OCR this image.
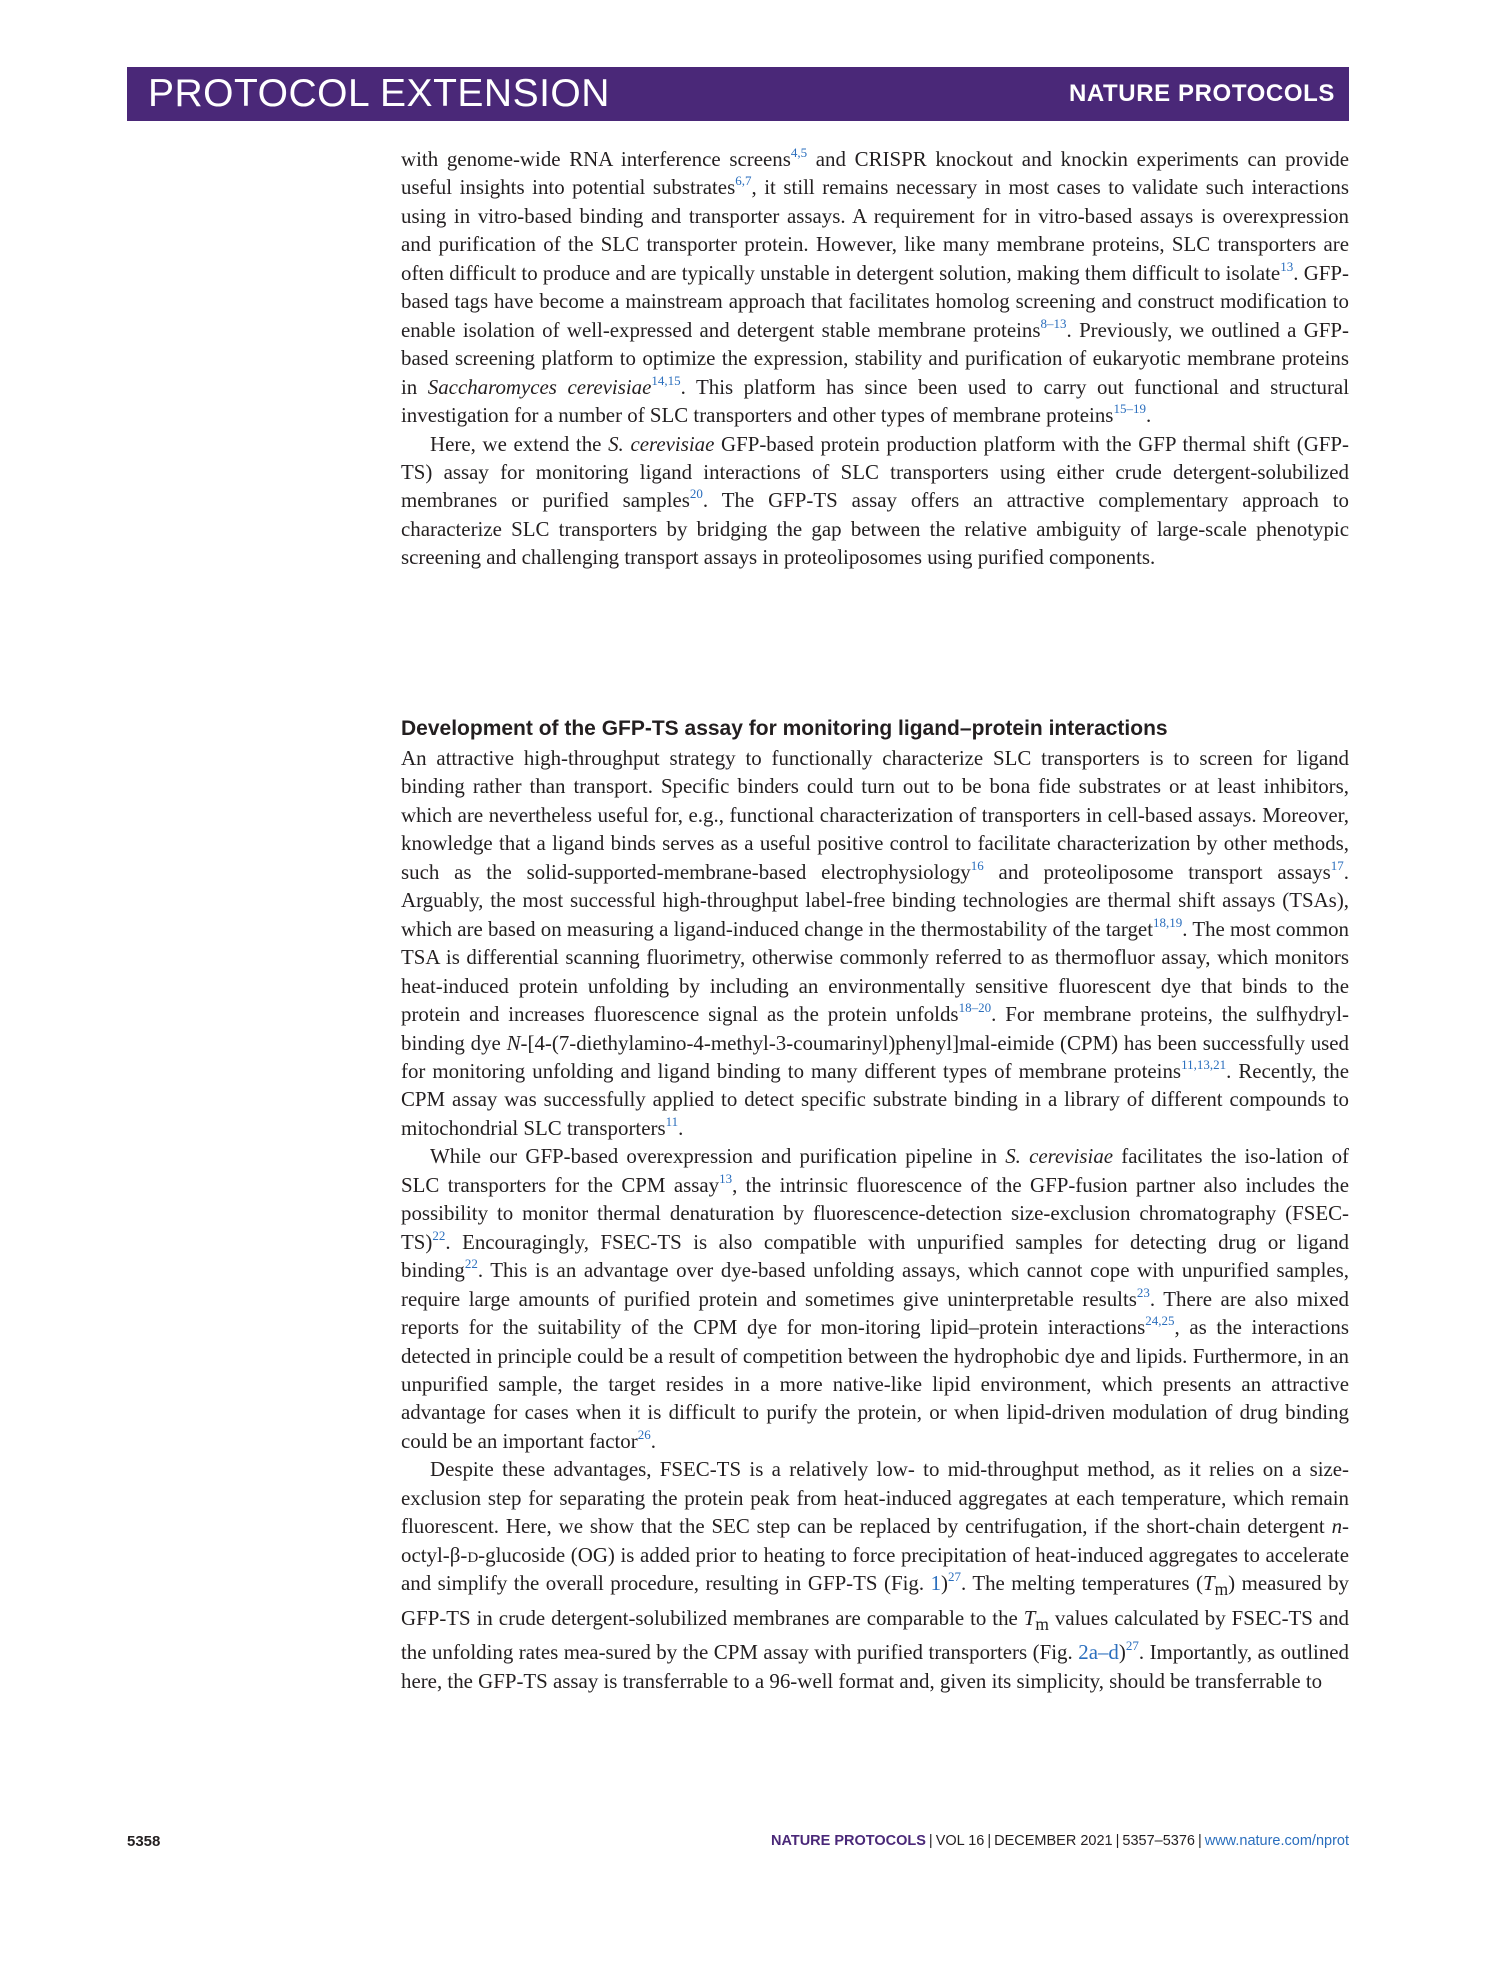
PROTOCOL EXTENSION	NATURE PROTOCOLS

with genome-wide RNA interference screens$^{4,5}$ and CRISPR knockout and knockin experiments can provide useful insights into potential substrates$^{6,7}$, it still remains necessary in most cases to validate such interactions using in vitro-based binding and transporter assays. A requirement for in vitro-based assays is overexpression and purification of the SLC transporter protein. However, like many membrane proteins, SLC transporters are often difficult to produce and are typically unstable in detergent solution, making them difficult to isolate$^{13}$. GFP-based tags have become a mainstream approach that facilitates homolog screening and construct modification to enable isolation of well-expressed and detergent stable membrane proteins$^{8-13}$. Previously, we outlined a GFP-based screening platform to optimize the expression, stability and purification of eukaryotic membrane proteins in Saccharomyces cerevisiae$^{14,15}$. This platform has since been used to carry out functional and structural investigation for a number of SLC transporters and other types of membrane proteins$^{15-19}$.

Here, we extend the S. cerevisiae GFP-based protein production platform with the GFP thermal shift (GFP-TS) assay for monitoring ligand interactions of SLC transporters using either crude detergent-solubilized membranes or purified samples$^{20}$. The GFP-TS assay offers an attractive complementary approach to characterize SLC transporters by bridging the gap between the relative ambiguity of large-scale phenotypic screening and challenging transport assays in proteoliposomes using purified components.

Development of the GFP-TS assay for monitoring ligand–protein interactions

An attractive high-throughput strategy to functionally characterize SLC transporters is to screen for ligand binding rather than transport. Specific binders could turn out to be bona fide substrates or at least inhibitors, which are nevertheless useful for, e.g., functional characterization of transporters in cell-based assays. Moreover, knowledge that a ligand binds serves as a useful positive control to facilitate characterization by other methods, such as the solid-supported-membrane-based electrophysiology$^{16}$ and proteoliposome transport assays$^{17}$. Arguably, the most successful high-throughput label-free binding technologies are thermal shift assays (TSAs), which are based on measuring a ligand-induced change in the thermostability of the target$^{18,19}$. The most common TSA is differential scanning fluorimetry, otherwise commonly referred to as thermofluor assay, which monitors heat-induced protein unfolding by including an environmentally sensitive fluorescent dye that binds to the protein and increases fluorescence signal as the protein unfolds$^{18-20}$. For membrane proteins, the sulfhydryl-binding dye N-[4-(7-diethylamino-4-methyl-3-coumarinyl)phenyl]mal-eimide (CPM) has been successfully used for monitoring unfolding and ligand binding to many different types of membrane proteins$^{11,13,21}$. Recently, the CPM assay was successfully applied to detect specific substrate binding in a library of different compounds to mitochondrial SLC transporters$^{11}$.

While our GFP-based overexpression and purification pipeline in S. cerevisiae facilitates the iso-lation of SLC transporters for the CPM assay$^{13}$, the intrinsic fluorescence of the GFP-fusion partner also includes the possibility to monitor thermal denaturation by fluorescence-detection size-exclusion chromatography (FSEC-TS)$^{22}$. Encouragingly, FSEC-TS is also compatible with unpurified samples for detecting drug or ligand binding$^{22}$. This is an advantage over dye-based unfolding assays, which cannot cope with unpurified samples, require large amounts of purified protein and sometimes give uninterpretable results$^{23}$. There are also mixed reports for the suitability of the CPM dye for mon-itoring lipid–protein interactions$^{24,25}$, as the interactions detected in principle could be a result of competition between the hydrophobic dye and lipids. Furthermore, in an unpurified sample, the target resides in a more native-like lipid environment, which presents an attractive advantage for cases when it is difficult to purify the protein, or when lipid-driven modulation of drug binding could be an important factor$^{26}$.

Despite these advantages, FSEC-TS is a relatively low- to mid-throughput method, as it relies on a size-exclusion step for separating the protein peak from heat-induced aggregates at each temperature, which remain fluorescent. Here, we show that the SEC step can be replaced by centrifugation, if the short-chain detergent n-octyl-β-d-glucoside (OG) is added prior to heating to force precipitation of heat-induced aggregates to accelerate and simplify the overall procedure, resulting in GFP-TS (Fig. 1)$^{27}$. The melting temperatures $(T_m)$ measured by GFP-TS in crude detergent-solubilized membranes are comparable to the $T_m$ values calculated by FSEC-TS and the unfolding rates mea-sured by the CPM assay with purified transporters (Fig. 2a–d)$^{27}$. Importantly, as outlined here, the GFP-TS assay is transferrable to a 96-well format and, given its simplicity, should be transferrable to

5358	NATURE PROTOCOLS | VOL 16 | DECEMBER 2021 | 5357–5376 | www.nature.com/nprot
